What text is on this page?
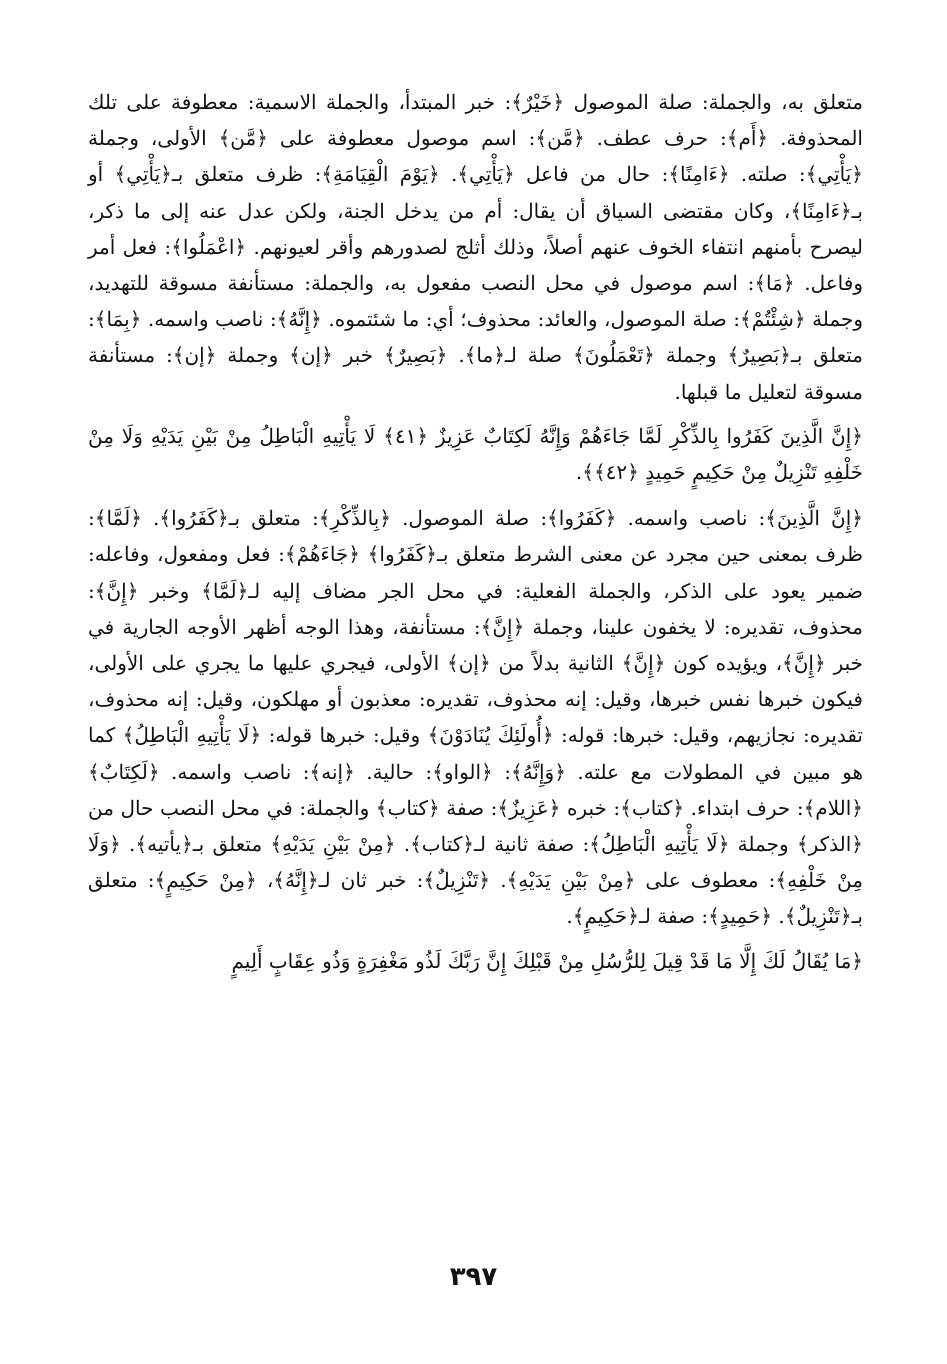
متعلق به، والجملة: صلة الموصول ﴿خَيْرٌ﴾: خبر المبتدأ، والجملة الاسمية: معطوفة على تلك المحذوفة. ﴿أَم﴾: حرف عطف. ﴿مَّن﴾: اسم موصول معطوفة على ﴿مَّن﴾ الأولى، وجملة ﴿يَأْتِي﴾: صلته. ﴿ءَامِنًا﴾: حال من فاعل ﴿يَأْتِي﴾. ﴿يَوْمَ الْقِيَامَةِ﴾: ظرف متعلق بـ﴿يَأْتِي﴾ أو بـ﴿ءَامِنًا﴾، وكان مقتضى السياق أن يقال: أم من يدخل الجنة، ولكن عدل عنه إلى ما ذكر، ليصرح بأمنهم انتفاء الخوف عنهم أصلاً، وذلك أثلج لصدورهم وأقر لعيونهم. ﴿اعْمَلُوا﴾: فعل أمر وفاعل. ﴿مَا﴾: اسم موصول في محل النصب مفعول به، والجملة: مستأنفة مسوقة للتهديد، وجملة ﴿شِئْتُمْ﴾: صلة الموصول، والعائد: محذوف؛ أي: ما شئتموه. ﴿إِنَّهُ﴾: ناصب واسمه. ﴿بِمَا﴾: متعلق بـ﴿بَصِيرٌ﴾ وجملة ﴿تَعْمَلُونَ﴾ صلة لـ﴿ما﴾. ﴿بَصِيرٌ﴾ خبر ﴿إن﴾ وجملة ﴿إن﴾: مستأنفة مسوقة لتعليل ما قبلها.

﴿إِنَّ الَّذِينَ كَفَرُوا بِالذِّكْرِ لَمَّا جَاءَهُمْ وَإِنَّهُ لَكِتَابٌ عَزِيزٌ ﴿٤١﴾ لَا يَأْتِيهِ الْبَاطِلُ مِنْ بَيْنِ يَدَيْهِ وَلَا مِنْ خَلْفِهِ تَنْزِيلٌ مِنْ حَكِيمٍ حَمِيدٍ ﴿٤٢﴾﴾.

﴿إِنَّ الَّذِينَ﴾: ناصب واسمه. ﴿كَفَرُوا﴾: صلة الموصول. ﴿بِالذِّكْرِ﴾: متعلق بـ﴿كَفَرُوا﴾. ﴿لَمَّا﴾: ظرف بمعنى حين مجرد عن معنى الشرط متعلق بـ﴿كَفَرُوا﴾ ﴿جَاءَهُمْ﴾: فعل ومفعول، وفاعله: ضمير يعود على الذكر، والجملة الفعلية: في محل الجر مضاف إليه لـ﴿لَمَّا﴾ وخبر ﴿إِنَّ﴾: محذوف، تقديره: لا يخفون علينا، وجملة ﴿إِنَّ﴾: مستأنفة، وهذا الوجه أظهر الأوجه الجارية في خبر ﴿إِنَّ﴾، ويؤيده كون ﴿إِنَّ﴾ الثانية بدلاً من ﴿إن﴾ الأولى، فيجري عليها ما يجري على الأولى، فيكون خبرها نفس خبرها، وقيل: إنه محذوف، تقديره: معذبون أو مهلكون، وقيل: إنه محذوف، تقديره: نجازيهم، وقيل: خبرها: قوله: ﴿أُولَئِكَ يُنَادَوْنَ﴾ وقيل: خبرها قوله: ﴿لَا يَأْتِيهِ الْبَاطِلُ﴾ كما هو مبين في المطولات مع علته. ﴿وَإِنَّهُ﴾: ﴿الواو﴾: حالية. ﴿إنه﴾: ناصب واسمه. ﴿لَكِتَابٌ﴾ ﴿اللام﴾: حرف ابتداء. ﴿كتاب﴾: خبره ﴿عَزِيزٌ﴾: صفة ﴿كتاب﴾ والجملة: في محل النصب حال من ﴿الذكر﴾ وجملة ﴿لَا يَأْتِيهِ الْبَاطِلُ﴾: صفة ثانية لـ﴿كتاب﴾. ﴿مِنْ بَيْنِ يَدَيْهِ﴾ متعلق بـ﴿يأتيه﴾. ﴿وَلَا مِنْ خَلْفِهِ﴾: معطوف على ﴿مِنْ بَيْنِ يَدَيْهِ﴾. ﴿تَنْزِيلٌ﴾: خبر ثان لـ﴿إِنَّهُ﴾، ﴿مِنْ حَكِيمٍ﴾: متعلق بـ﴿تَنْزِيلٌ﴾. ﴿حَمِيدٍ﴾: صفة لـ﴿حَكِيمٍ﴾.

﴿مَا يُقَالُ لَكَ إِلَّا مَا قَدْ قِيلَ لِلرُّسُلِ مِنْ قَبْلِكَ إِنَّ رَبَّكَ لَذُو مَغْفِرَةٍ وَذُو عِقَابٍ أَلِيمٍ

٣٩٧
